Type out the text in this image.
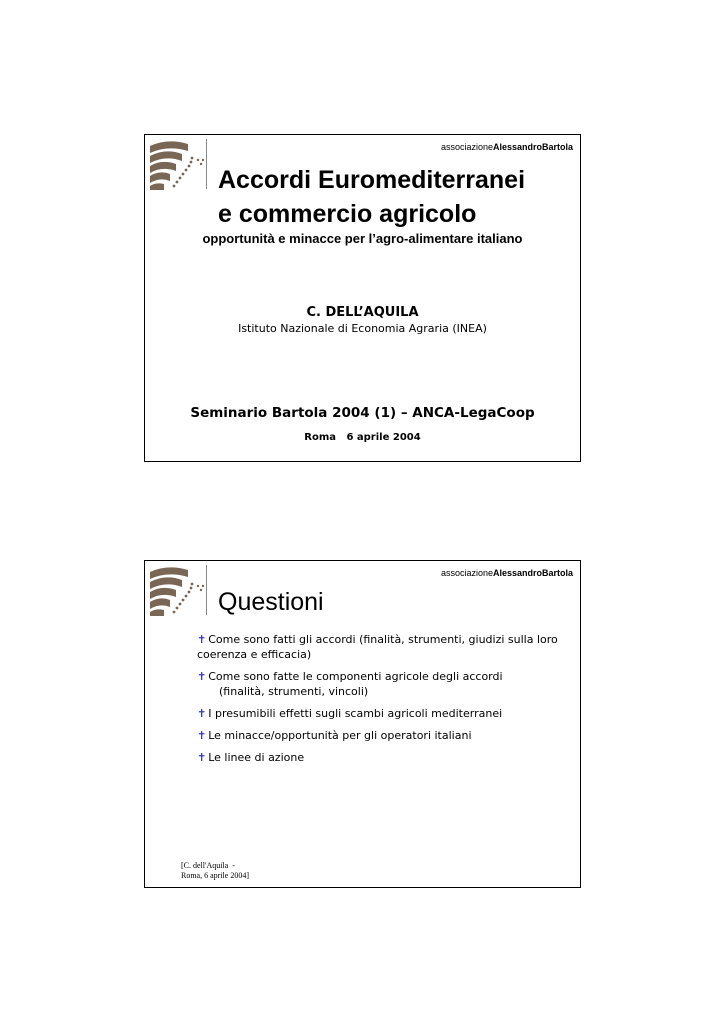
associazioneAlessandroBartola
Accordi Euromediterranei
e commercio agricolo
opportunità e minacce per l’agro-alimentare italiano
C. DELL’AQUILA
Istituto Nazionale di Economia Agraria (INEA)
Seminario Bartola 2004 (1) – ANCA-LegaCoop
Roma   6 aprile 2004
associazioneAlessandroBartola
Questioni
✝ Come sono fatti gli accordi (finalità, strumenti, giudizi sulla loro
coerenza e efficacia)
✝ Come sono fatte le componenti agricole degli accordi
(finalità, strumenti, vincoli)
✝ I presumibili effetti sugli scambi agricoli mediterranei
✝ Le minacce/opportunità per gli operatori italiani
✝ Le linee di azione
[C. dell'Aquila  -
Roma, 6 aprile 2004]
